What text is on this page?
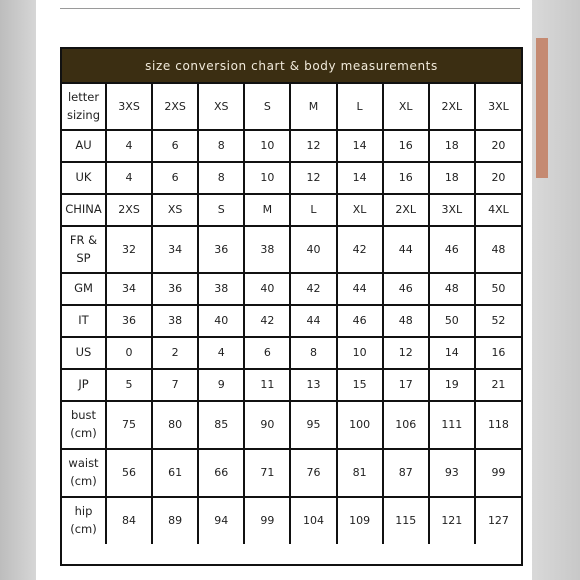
size conversion chart & body measurements
letter
sizing	3XS	2XS	XS	S	M	L	XL	2XL	3XL
AU	4	6	8	10	12	14	16	18	20
UK	4	6	8	10	12	14	16	18	20
CHINA	2XS	XS	S	M	L	XL	2XL	3XL	4XL
FR &
SP	32	34	36	38	40	42	44	46	48
GM	34	36	38	40	42	44	46	48	50
IT	36	38	40	42	44	46	48	50	52
US	0	2	4	6	8	10	12	14	16
JP	5	7	9	11	13	15	17	19	21
bust
(cm)	75	80	85	90	95	100	106	111	118
waist
(cm)	56	61	66	71	76	81	87	93	99
hip
(cm)	84	89	94	99	104	109	115	121	127
